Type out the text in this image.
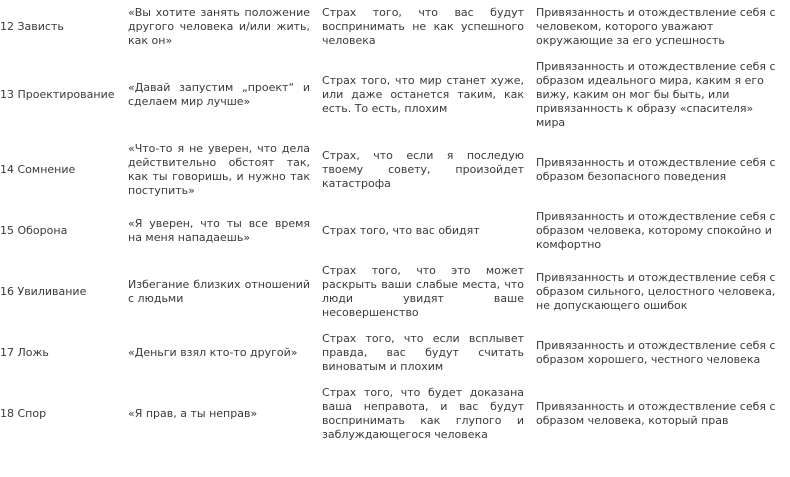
12 Зависть	«Вы хотите занять положение другого человека и/или жить, как он»	Страх того, что вас будут воспринимать не как успешного человека	Привязанность и отождествление себя с человеком, которого уважают окружающие за его успешность
13 Проектирование	«Давай запустим „проект“ и сделаем мир лучше»	Страх того, что мир станет хуже, или даже останется таким, как есть. То есть, плохим	Привязанность и отождествление себя с образом идеального мира, каким я его вижу, каким он мог бы быть, или привязанность к образу «спасителя» мира
14 Сомнение	«Что-то я не уверен, что дела действительно обстоят так, как ты говоришь, и нужно так поступить»	Страх, что если я последую твоему совету, произойдет катастрофа	Привязанность и отождествление себя с образом безопасного поведения
15 Оборона	«Я уверен, что ты все время на меня нападаешь»	Страх того, что вас обидят	Привязанность и отождествление себя с образом человека, которому спокойно и комфортно
16 Увиливание	Избегание близких отношений с людьми	Страх того, что это может раскрыть ваши слабые места, что люди увидят ваше несовершенство	Привязанность и отождествление себя с образом сильного, целостного человека, не допускающего ошибок
17 Ложь	«Деньги взял кто-то другой»	Страх того, что если всплывет правда, вас будут считать виноватым и плохим	Привязанность и отождествление себя с образом хорошего, честного человека
18 Спор	«Я прав, а ты неправ»	Страх того, что будет доказана ваша неправота, и вас будут воспринимать как глупого и заблуждающегося человека	Привязанность и отождествление себя с образом человека, который прав
